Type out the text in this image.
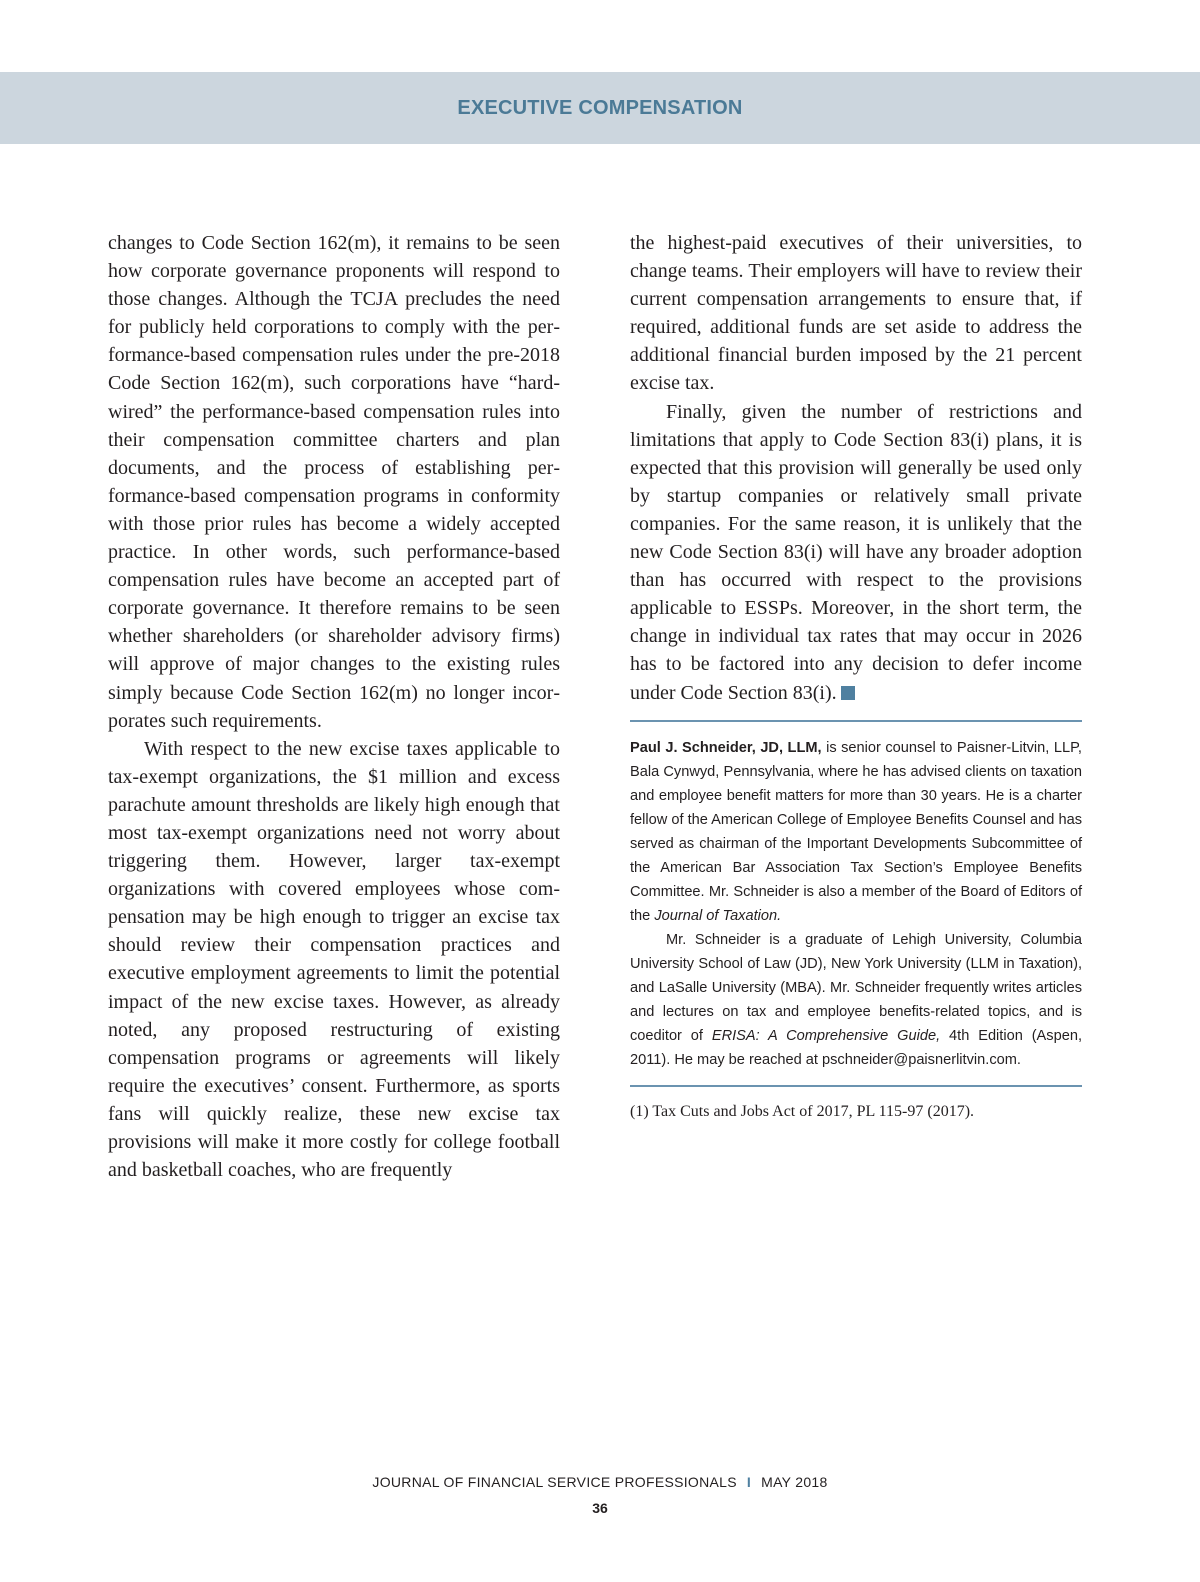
EXECUTIVE COMPENSATION

changes to Code Section 162(m), it remains to be seen how corporate governance proponents will respond to those changes. Although the TCJA precludes the need for publicly held corporations to comply with the performance-based compensation rules under the pre-2018 Code Section 162(m), such corporations have “hard-wired” the performance-based compensation rules into their compensation committee charters and plan documents, and the process of establishing performance-based compensation programs in conformity with those prior rules has become a widely accepted practice. In other words, such performance-based compensation rules have become an accepted part of corporate governance. It therefore remains to be seen whether shareholders (or shareholder advisory firms) will approve of major changes to the existing rules simply because Code Section 162(m) no longer incorporates such requirements.

With respect to the new excise taxes applicable to tax-exempt organizations, the $1 million and excess parachute amount thresholds are likely high enough that most tax-exempt organizations need not worry about triggering them. However, larger tax-exempt organizations with covered employees whose compensation may be high enough to trigger an excise tax should review their compensation practices and executive employment agreements to limit the potential impact of the new excise taxes. However, as already noted, any proposed restructuring of existing compensation programs or agreements will likely require the executives’ consent. Furthermore, as sports fans will quickly realize, these new excise tax provisions will make it more costly for college football and basketball coaches, who are frequently

the highest-paid executives of their universities, to change teams. Their employers will have to review their current compensation arrangements to ensure that, if required, additional funds are set aside to address the additional financial burden imposed by the 21 percent excise tax.

Finally, given the number of restrictions and limitations that apply to Code Section 83(i) plans, it is expected that this provision will generally be used only by startup companies or relatively small private companies. For the same reason, it is unlikely that the new Code Section 83(i) will have any broader adoption than has occurred with respect to the provisions applicable to ESSPs. Moreover, in the short term, the change in individual tax rates that may occur in 2026 has to be factored into any decision to defer income under Code Section 83(i).

Paul J. Schneider, JD, LLM, is senior counsel to Paisner-Litvin, LLP, Bala Cynwyd, Pennsylvania, where he has advised clients on taxation and employee benefit matters for more than 30 years. He is a charter fellow of the American College of Employee Benefits Counsel and has served as chairman of the Important Developments Subcommittee of the American Bar Association Tax Section’s Employee Benefits Committee. Mr. Schneider is also a member of the Board of Editors of the Journal of Taxation.

Mr. Schneider is a graduate of Lehigh University, Columbia University School of Law (JD), New York University (LLM in Taxation), and LaSalle University (MBA). Mr. Schneider frequently writes articles and lectures on tax and employee benefits-related topics, and is coeditor of ERISA: A Comprehensive Guide, 4th Edition (Aspen, 2011). He may be reached at pschneider@paisnerlitvin.com.

(1) Tax Cuts and Jobs Act of 2017, PL 115-97 (2017).
JOURNAL OF FINANCIAL SERVICE PROFESSIONALS I MAY 2018
36
